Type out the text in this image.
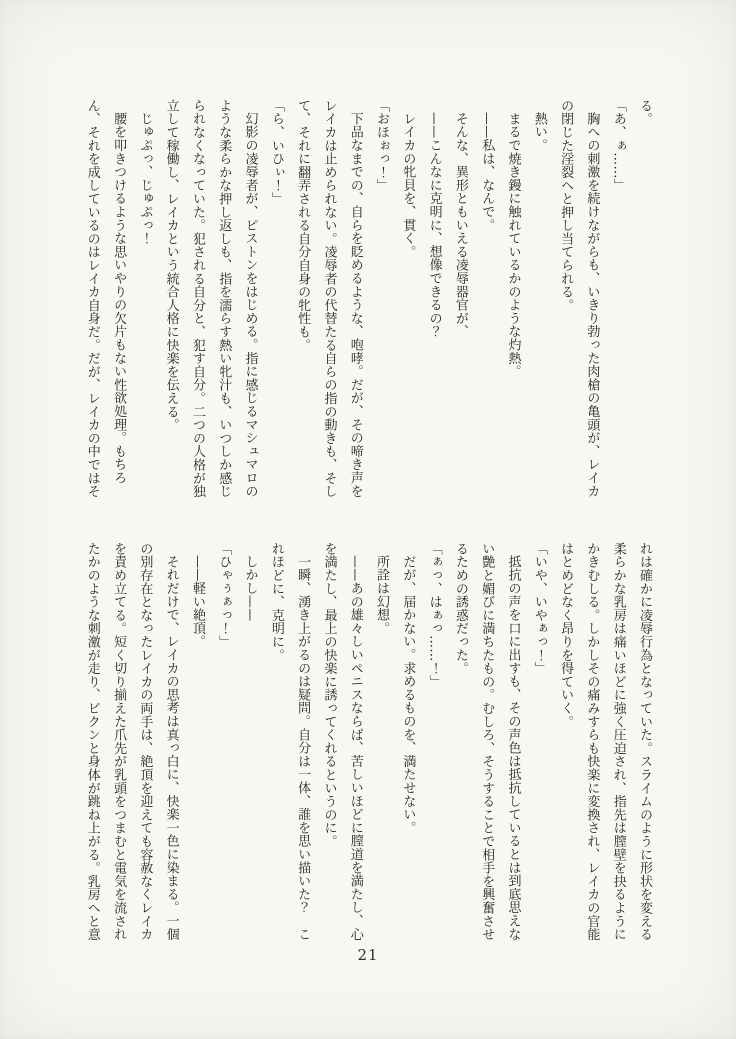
る。

「あ、ぁ……」

胸への刺激を続けながらも、いきり勃った肉槍の亀頭が、レイカ

の閉じた淫裂へと押し当てられる。

熱い。

まるで焼き鏝に触れているかのような灼熱。

——私は、なんで。

そんな、異形ともいえる凌辱器官が、

——こんなに克明に、想像できるの？

レイカの牝貝を、貫く。

「おほぉっ！」

下品なまでの、自らを貶めるような、咆哮。だが、その啼き声を

レイカは止められない。凌辱者の代替たる自らの指の動きも、そし

て、それに翻弄される自分自身の牝性も。

「ら、いひぃ！」

幻影の凌辱者が、ピストンをはじめる。指に感じるマシュマロの

ような柔らかな押し返しも、指を濡らす熱い牝汁も、いつしか感じ

られなくなっていた。犯される自分と、犯す自分。二つの人格が独

立して稼働し、レイカという統合人格に快楽を伝える。

じゅぷっ、じゅぷっ！

腰を叩きつけるような思いやりの欠片もない性欲処理。もちろ

ん、それを成しているのはレイカ自身だ。だが、レイカの中ではそ

れは確かに凌辱行為となっていた。スライムのように形状を変える

柔らかな乳房は痛いほどに強く圧迫され、指先は膣壁を抉るように

かきむしる。しかしその痛みすらも快楽に変換され、レイカの官能

はとめどなく昂りを得ていく。

「いや、いやぁっ！」

抵抗の声を口に出すも、その声色は抵抗しているとは到底思えな

い艶と媚びに満ちたもの。むしろ、そうすることで相手を興奮させ

るための誘惑だった。

「ぁっ、はぁっ……！」

だが、届かない。求めるものを、満たせない。

所詮は幻想。

——あの雄々しいペニスならば、苦しいほどに膣道を満たし、心

を満たし、最上の快楽に誘ってくれるというのに。

一瞬、湧き上がるのは疑問。自分は一体、誰を思い描いた？　こ

れほどに、克明に。

しかし——

「ひゃぅぁっ！」

——軽い絶頂。

それだけで、レイカの思考は真っ白に、快楽一色に染まる。一個

の別存在となったレイカの両手は、絶頂を迎えても容赦なくレイカ

を責め立てる。短く切り揃えた爪先が乳頭をつまむと電気を流され

たかのような刺激が走り、ビクンと身体が跳ね上がる。乳房へと意

21
